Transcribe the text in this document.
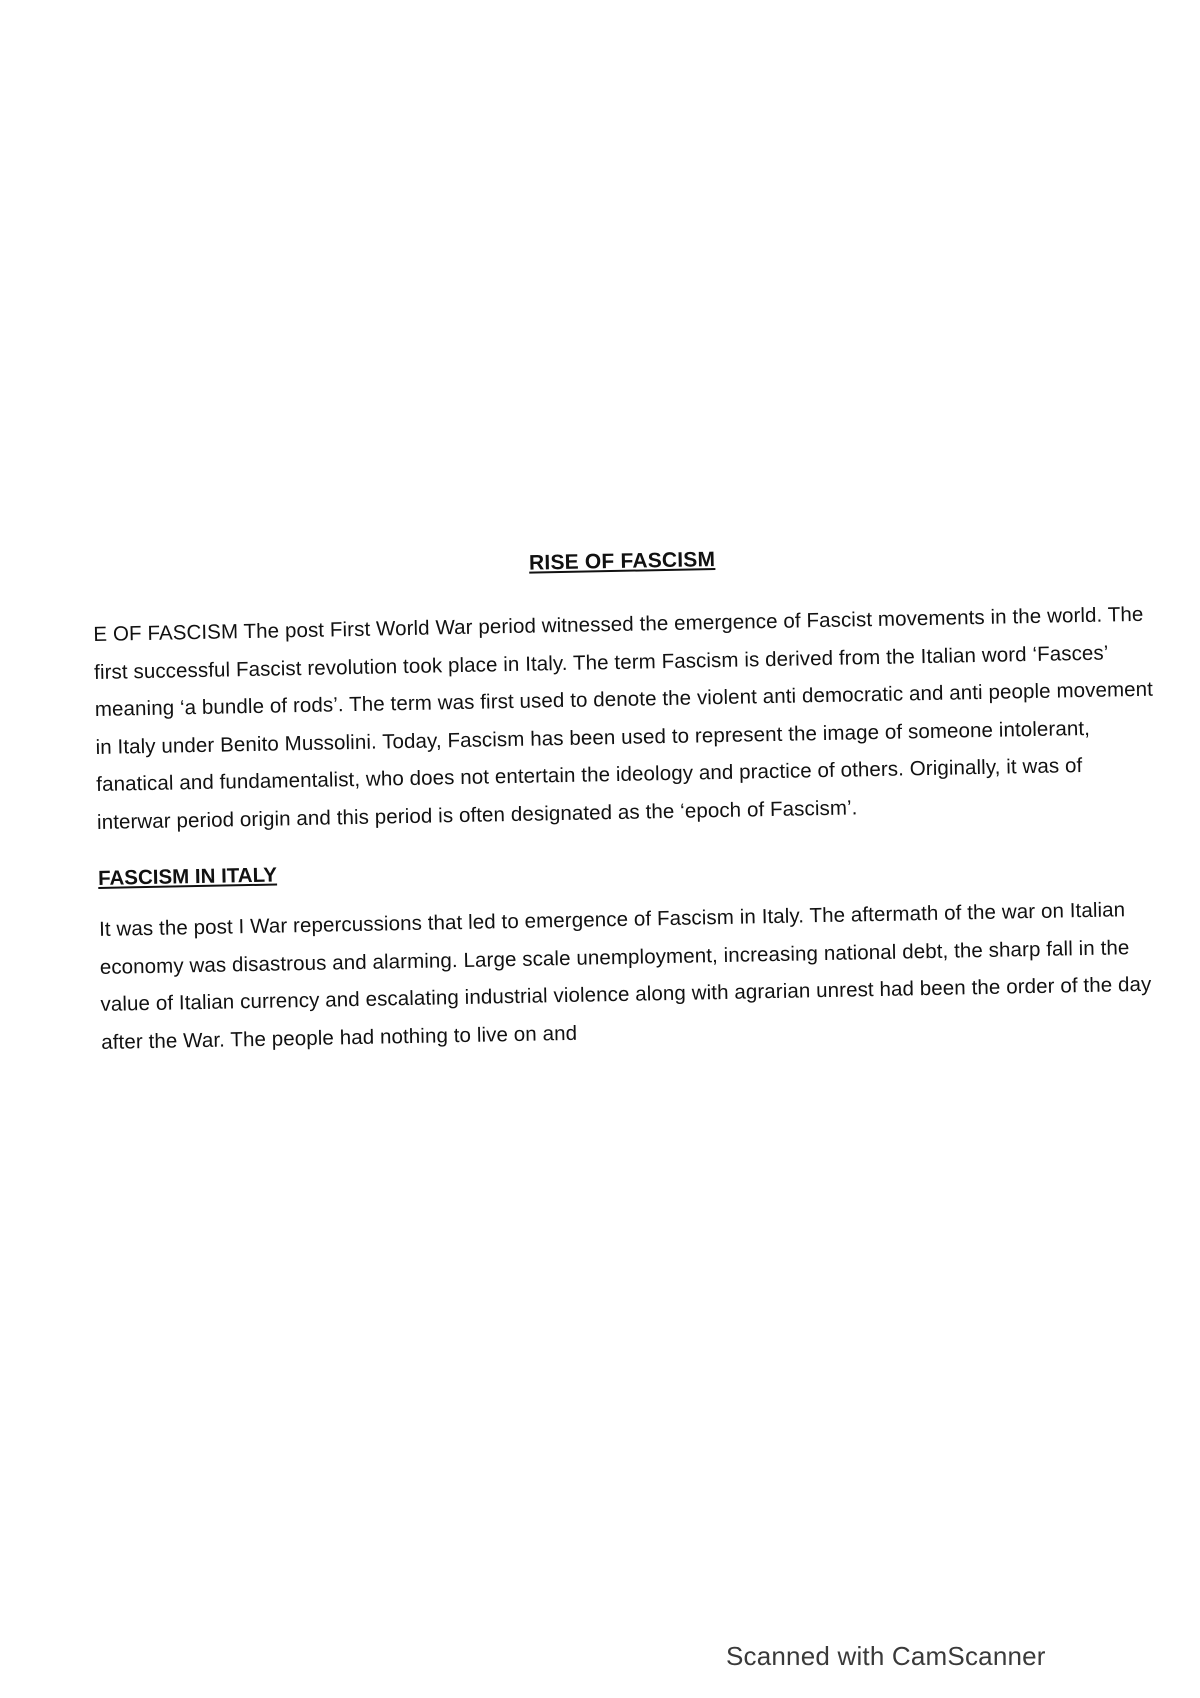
RISE OF FASCISM

E OF FASCISM The post First World War period witnessed the emergence of Fascist movements in the world. The first successful Fascist revolution took place in Italy. The term Fascism is derived from the Italian word ‘Fasces’ meaning ‘a bundle of rods’. The term was first used to denote the violent anti democratic and anti people movement in Italy under Benito Mussolini. Today, Fascism has been used to represent the image of someone intolerant, fanatical and fundamentalist, who does not entertain the ideology and practice of others. Originally, it was of interwar period origin and this period is often designated as the ‘epoch of Fascism’.

FASCISM IN ITALY

It was the post I War repercussions that led to emergence of Fascism in Italy. The aftermath of the war on Italian economy was disastrous and alarming. Large scale unemployment, increasing national debt, the sharp fall in the value of Italian currency and escalating industrial violence along with agrarian unrest had been the order of the day after the War. The people had nothing to live on and

Scanned with CamScanner
